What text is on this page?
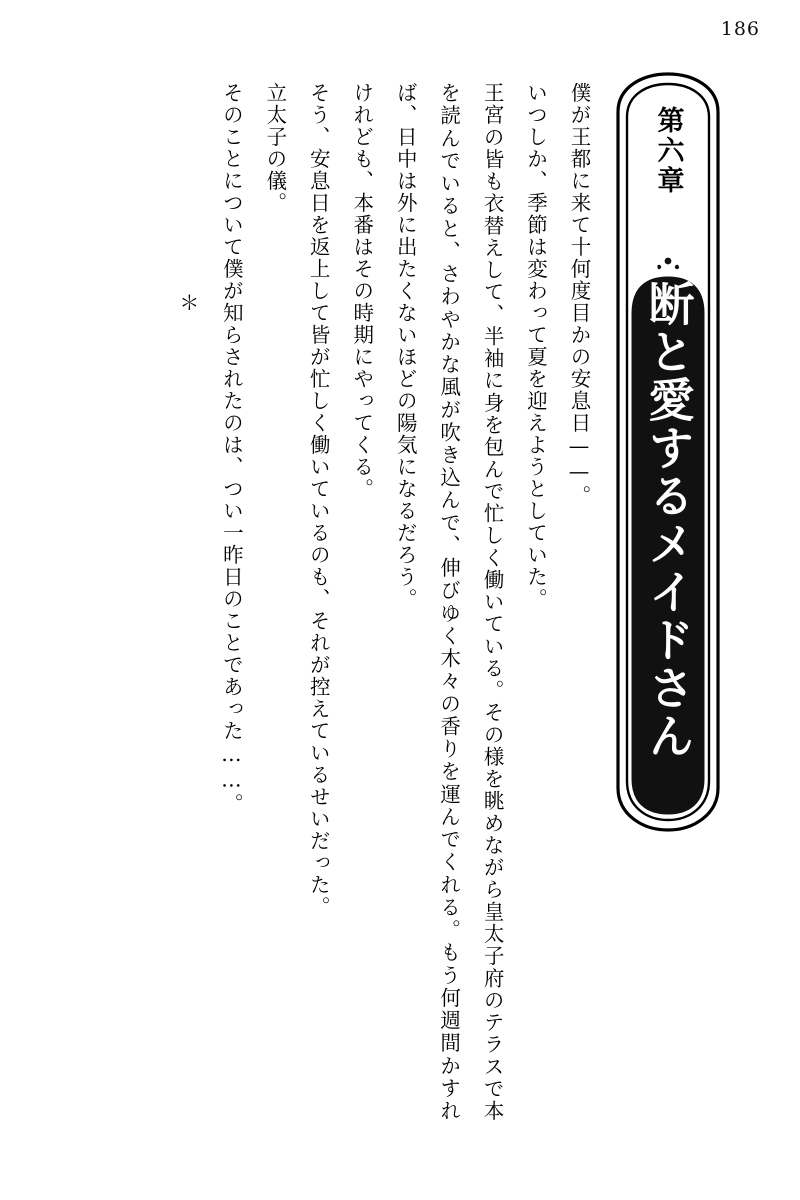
186
第六章
決断と愛するメイドさん

僕が王都に来て十何度目かの安息日——。

いつしか、季節は変わって夏を迎えようとしていた。

王宮の皆も衣替えして、半袖に身を包んで忙しく働いている。その様を眺めながら皇太子府のテラスで本を読んでいると、さわやかな風が吹き込んで、伸びゆく木々の香りを運んでくれる。もう何週間かすれば、日中は外に出たくないほどの陽気になるだろう。

けれども、本番はその時期にやってくる。

そう、安息日を返上して皆が忙しく働いているのも、それが控えているせいだった。

立太子の儀。

そのことについて僕が知らされたのは、つい一昨日のことであった……。

＊
